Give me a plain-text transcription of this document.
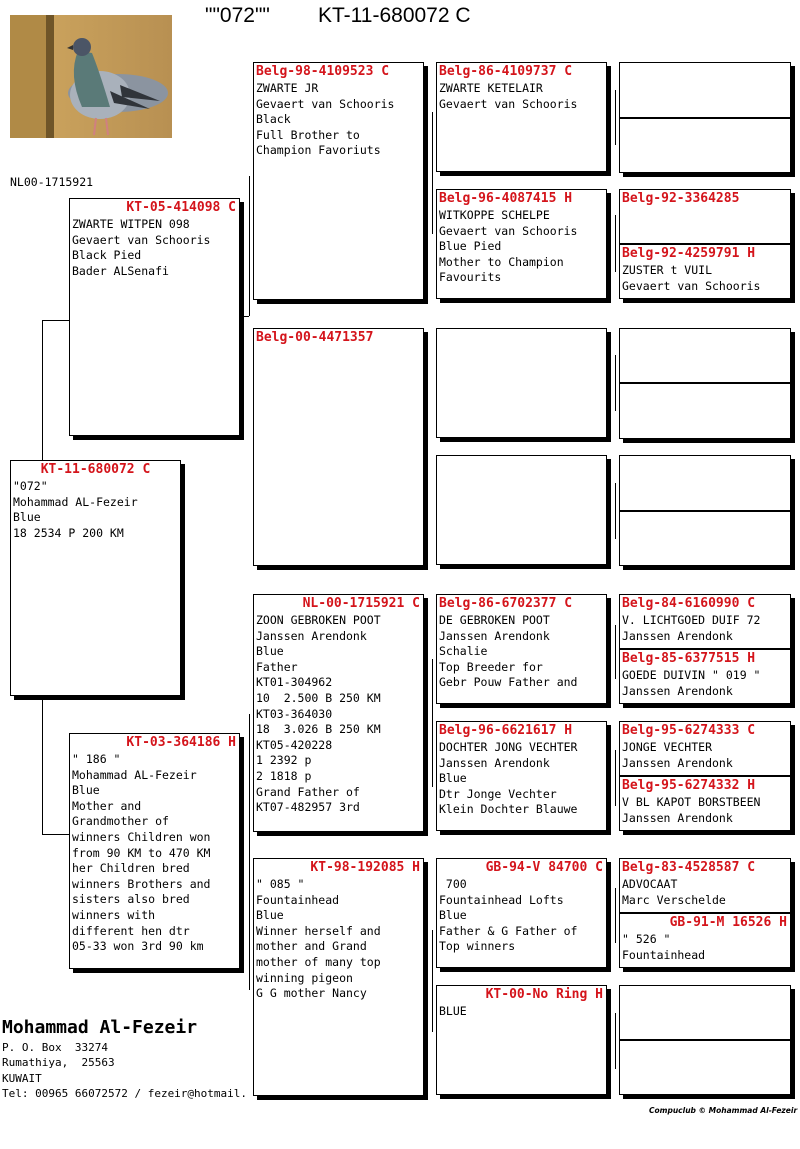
""072"" KT-11-680072 C
NL00-1715921
KT-11-680072 C
"072"
Mohammad AL-Fezeir
Blue
18 2534 P 200 KM
KT-05-414098 C
ZWARTE WITPEN 098
Gevaert van Schooris
Black Pied
Bader ALSenafi
KT-03-364186 H
" 186 "
Mohammad AL-Fezeir
Blue
Mother and
Grandmother of
winners Children won
from 90 KM to 470 KM
her Children bred
winners Brothers and
sisters also bred
winners with
different hen dtr
05-33 won 3rd 90 km
Belg-98-4109523 C
ZWARTE JR
Gevaert van Schooris
Black
Full Brother to
Champion Favoriuts
Belg-00-4471357
NL-00-1715921 C
ZOON GEBROKEN POOT
Janssen Arendonk
Blue
Father
KT01-304962
10  2.500 B 250 KM
KT03-364030
18  3.026 B 250 KM
KT05-420228
1 2392 p
2 1818 p
Grand Father of
KT07-482957 3rd
KT-98-192085 H
" 085 "
Fountainhead
Blue
Winner herself and
mother and Grand
mother of many top
winning pigeon
G G mother Nancy
Belg-86-4109737 C
ZWARTE KETELAIR
Gevaert van Schooris
Belg-96-4087415 H
WITKOPPE SCHELPE
Gevaert van Schooris
Blue Pied
Mother to Champion
Favourits
Belg-86-6702377 C
DE GEBROKEN POOT
Janssen Arendonk
Schalie
Top Breeder for
Gebr Pouw Father and
Belg-96-6621617 H
DOCHTER JONG VECHTER
Janssen Arendonk
Blue
Dtr Jonge Vechter
Klein Dochter Blauwe
GB-94-V 84700 C
700
Fountainhead Lofts
Blue
Father & G Father of
Top winners
KT-00-No Ring H
BLUE
Belg-92-3364285
Belg-92-4259791 H
ZUSTER t VUIL
Gevaert van Schooris
Belg-84-6160990 C
V. LICHTGOED DUIF 72
Janssen Arendonk
Belg-85-6377515 H
GOEDE DUIVIN " 019 "
Janssen Arendonk
Belg-95-6274333 C
JONGE VECHTER
Janssen Arendonk
Belg-95-6274332 H
V BL KAPOT BORSTBEEN
Janssen Arendonk
Belg-83-4528587 C
ADVOCAAT
Marc Verschelde
GB-91-M 16526 H
" 526 "
Fountainhead
Mohammad Al-Fezeir
P. O. Box  33274
Rumathiya,  25563
KUWAIT
Tel: 00965 66072572 / fezeir@hotmail.
Compuclub © Mohammad Al-Fezeir
